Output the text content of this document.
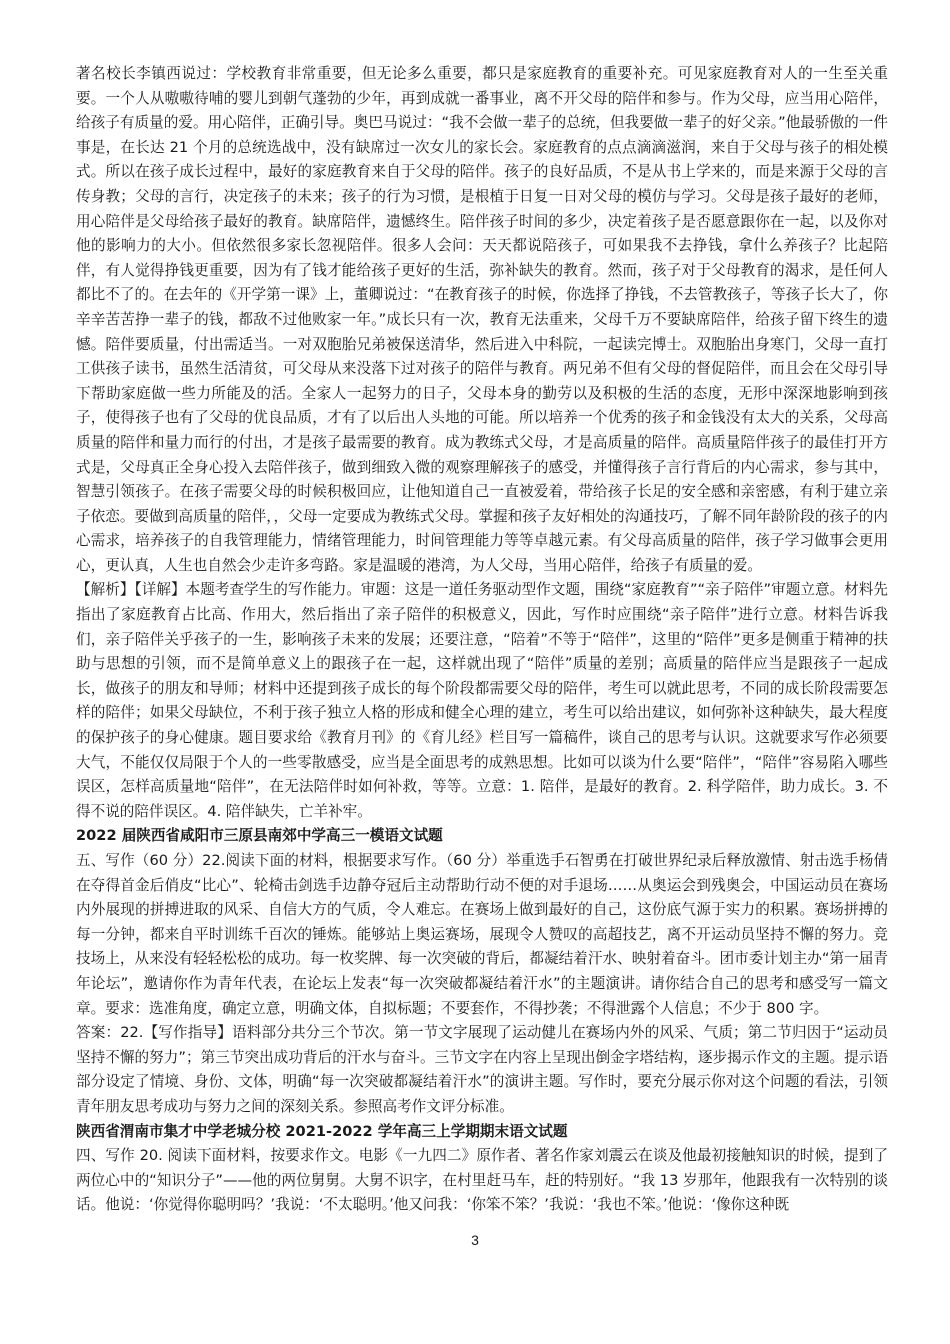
著名校长李镇西说过：学校教育非常重要，但无论多么重要，都只是家庭教育的重要补充。可见家庭教育对人的一生至关重要。一个人从嗷嗷待哺的婴儿到朝气蓬勃的少年，再到成就一番事业，离不开父母的陪伴和参与。作为父母，应当用心陪伴，给孩子有质量的爱。用心陪伴，正确引导。奥巴马说过：“我不会做一辈子的总统，但我要做一辈子的好父亲。”他最骄傲的一件事是，在长达 21 个月的总统选战中，没有缺席过一次女儿的家长会。家庭教育的点点滴滴滋润，来自于父母与孩子的相处模式。所以在孩子成长过程中，最好的家庭教育来自于父母的陪伴。孩子的良好品质，不是从书上学来的，而是来源于父母的言传身教；父母的言行，决定孩子的未来；孩子的行为习惯，是根植于日复一日对父母的模仿与学习。父母是孩子最好的老师，用心陪伴是父母给孩子最好的教育。缺席陪伴，遗憾终生。陪伴孩子时间的多少，决定着孩子是否愿意跟你在一起，以及你对他的影响力的大小。但依然很多家长忽视陪伴。很多人会问：天天都说陪孩子，可如果我不去挣钱，拿什么养孩子？比起陪伴，有人觉得挣钱更重要，因为有了钱才能给孩子更好的生活，弥补缺失的教育。然而，孩子对于父母教育的渴求，是任何人都比不了的。在去年的《开学第一课》上，董卿说过：“在教育孩子的时候，你选择了挣钱，不去管教孩子，等孩子长大了，你辛辛苦苦挣一辈子的钱，都敌不过他败家一年。”成长只有一次，教育无法重来，父母千万不要缺席陪伴，给孩子留下终生的遗憾。陪伴要质量，付出需适当。一对双胞胎兄弟被保送清华，然后进入中科院，一起读完博士。双胞胎出身寒门，父母一直打工供孩子读书，虽然生活清贫，可父母从来没落下过对孩子的陪伴与教育。两兄弟不但有父母的督促陪伴，而且会在父母引导下帮助家庭做一些力所能及的活。全家人一起努力的日子，父母本身的勤劳以及积极的生活的态度，无形中深深地影响到孩子，使得孩子也有了父母的优良品质，才有了以后出人头地的可能。所以培养一个优秀的孩子和金钱没有太大的关系，父母高质量的陪伴和量力而行的付出，才是孩子最需要的教育。成为教练式父母，才是高质量的陪伴。高质量陪伴孩子的最佳打开方式是，父母真正全身心投入去陪伴孩子，做到细致入微的观察理解孩子的感受，并懂得孩子言行背后的内心需求，参与其中，智慧引领孩子。在孩子需要父母的时候积极回应，让他知道自己一直被爱着，带给孩子长足的安全感和亲密感，有利于建立亲子依恋。要做到高质量的陪伴，，父母一定要成为教练式父母。掌握和孩子友好相处的沟通技巧，了解不同年龄阶段的孩子的内心需求，培养孩子的自我管理能力，情绪管理能力，时间管理能力等等卓越元素。有父母高质量的陪伴，孩子学习做事会更用心，更认真，人生也自然会少走许多弯路。家是温暖的港湾，为人父母，当用心陪伴，给孩子有质量的爱。

【解析】【详解】本题考查学生的写作能力。审题：这是一道任务驱动型作文题，围绕“家庭教育”“亲子陪伴”审题立意。材料先指出了家庭教育占比高、作用大，然后指出了亲子陪伴的积极意义，因此，写作时应围绕“亲子陪伴”进行立意。材料告诉我们，亲子陪伴关乎孩子的一生，影响孩子未来的发展；还要注意，“陪着”不等于“陪伴”，这里的“陪伴”更多是侧重于精神的扶助与思想的引领，而不是简单意义上的跟孩子在一起，这样就出现了“陪伴”质量的差别；高质量的陪伴应当是跟孩子一起成长，做孩子的朋友和导师；材料中还提到孩子成长的每个阶段都需要父母的陪伴，考生可以就此思考，不同的成长阶段需要怎样的陪伴；如果父母缺位，不利于孩子独立人格的形成和健全心理的建立，考生可以给出建议，如何弥补这种缺失，最大程度的保护孩子的身心健康。题目要求给《教育月刊》的《育儿经》栏目写一篇稿件，谈自己的思考与认识。这就要求写作必须要大气，不能仅仅局限于个人的一些零散感受，应当是全面思考的成熟思想。比如可以谈为什么要“陪伴”，“陪伴”容易陷入哪些误区，怎样高质量地“陪伴”，在无法陪伴时如何补救，等等。立意：1. 陪伴，是最好的教育。2. 科学陪伴，助力成长。3. 不得不说的陪伴误区。4. 陪伴缺失，亡羊补牢。

2022 届陕西省咸阳市三原县南郊中学高三一模语文试题

五、写作（60 分）22.阅读下面的材料，根据要求写作。（60 分）举重选手石智勇在打破世界纪录后释放激情、射击选手杨倩在夺得首金后俏皮“比心”、轮椅击剑选手边静夺冠后主动帮助行动不便的对手退场……从奥运会到残奥会，中国运动员在赛场内外展现的拼搏进取的风采、自信大方的气质，令人难忘。在赛场上做到最好的自己，这份底气源于实力的积累。赛场拼搏的每一分钟，都来自平时训练千百次的锤炼。能够站上奥运赛场，展现令人赞叹的高超技艺，离不开运动员坚持不懈的努力。竞技场上，从来没有轻轻松松的成功。每一枚奖牌、每一次突破的背后，都凝结着汗水、映射着奋斗。团市委计划主办“第一届青年论坛”，邀请你作为青年代表，在论坛上发表“每一次突破都凝结着汗水”的主题演讲。请你结合自己的思考和感受写一篇文章。要求：选准角度，确定立意，明确文体，自拟标题；不要套作，不得抄袭；不得泄露个人信息；不少于 800 字。

答案：22.【写作指导】语料部分共分三个节次。第一节文字展现了运动健儿在赛场内外的风采、气质；第二节归因于“运动员坚持不懈的努力”；第三节突出成功背后的汗水与奋斗。三节文字在内容上呈现出倒金字塔结构，逐步揭示作文的主题。提示语部分设定了情境、身份、文体，明确“每一次突破都凝结着汗水”的演讲主题。写作时，要充分展示你对这个问题的看法，引领青年朋友思考成功与努力之间的深刻关系。参照高考作文评分标准。

陕西省渭南市集才中学老城分校 2021-2022 学年高三上学期期末语文试题

四、写作 20. 阅读下面材料，按要求作文。电影《一九四二》原作者、著名作家刘震云在谈及他最初接触知识的时候，提到了两位心中的“知识分子”——他的两位舅舅。大舅不识字，在村里赶马车，赶的特别好。“我 13 岁那年，他跟我有一次特别的谈话。他说：‘你觉得你聪明吗？’我说：‘不太聪明。’他又问我：‘你笨不笨？’我说：‘我也不笨。’他说：‘像你这种既

3
